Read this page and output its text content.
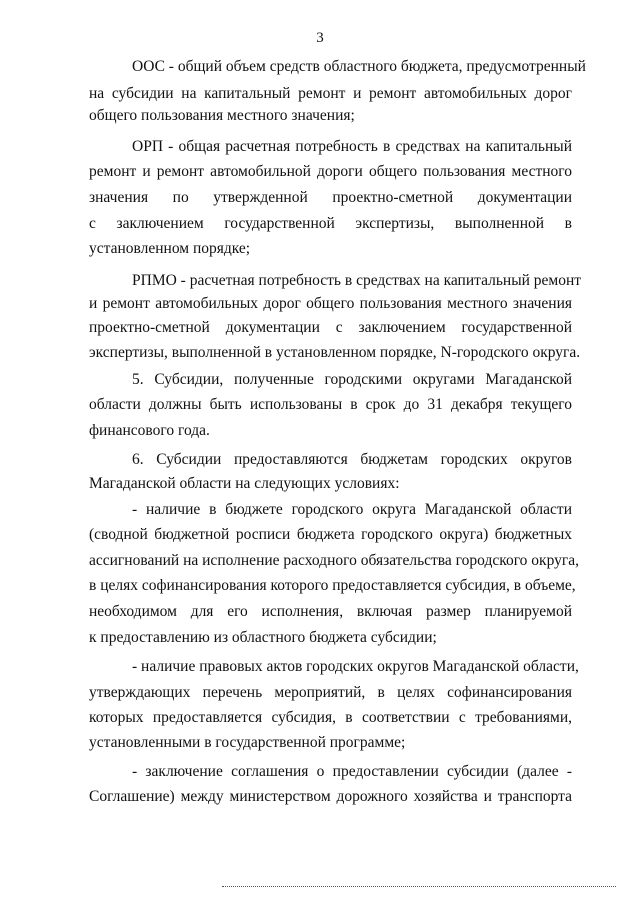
3
ООС - общий объем средств областного бюджета, предусмотренный
на субсидии на капитальный ремонт и ремонт автомобильных дорог
общего пользования местного значения;
ОРП - общая расчетная потребность в средствах на капитальный
ремонт и ремонт автомобильной дороги общего пользования местного
значения по утвержденной проектно-сметной документации
с заключением государственной экспертизы, выполненной в
установленном порядке;
РПМО - расчетная потребность в средствах на капитальный ремонт
и ремонт автомобильных дорог общего пользования местного значения
проектно-сметной документации с заключением государственной
экспертизы, выполненной в установленном порядке, N-городского округа.
5. Субсидии, полученные городскими округами Магаданской
области должны быть использованы в срок до 31 декабря текущего
финансового года.
6. Субсидии предоставляются бюджетам городских округов
Магаданской области на следующих условиях:
- наличие в бюджете городского округа Магаданской области
(сводной бюджетной росписи бюджета городского округа) бюджетных
ассигнований на исполнение расходного обязательства городского округа,
в целях софинансирования которого предоставляется субсидия, в объеме,
необходимом для его исполнения, включая размер планируемой
к предоставлению из областного бюджета субсидии;
- наличие правовых актов городских округов Магаданской области,
утверждающих перечень мероприятий, в целях софинансирования
которых предоставляется субсидия, в соответствии с требованиями,
установленными в государственной программе;
- заключение соглашения о предоставлении субсидии (далее -
Соглашение) между министерством дорожного хозяйства и транспорта
